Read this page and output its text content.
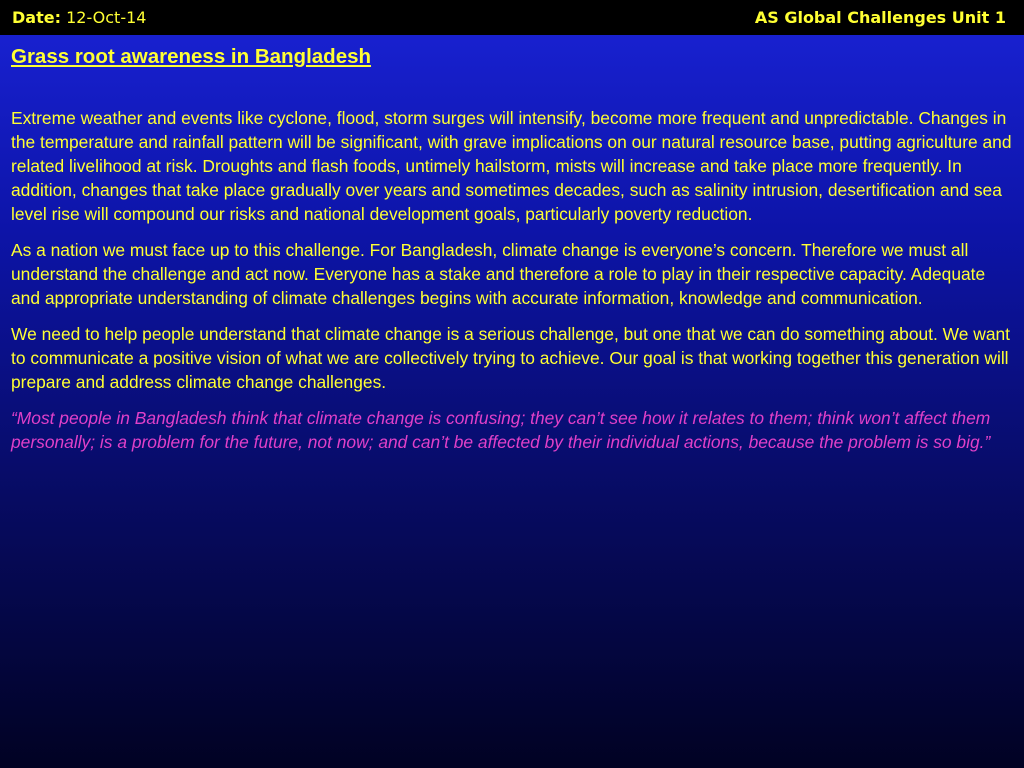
Date: 12-Oct-14	AS Global Challenges Unit 1
Grass root awareness in Bangladesh

Extreme weather and events like cyclone, flood, storm surges will intensify, become more frequent and unpredictable. Changes in the temperature and rainfall pattern will be significant, with grave implications on our natural resource base, putting agriculture and related livelihood at risk. Droughts and flash foods, untimely hailstorm, mists will increase and take place more frequently. In addition, changes that take place gradually over years and sometimes decades, such as salinity intrusion, desertification and sea level rise will compound our risks and national development goals, particularly poverty reduction.

As a nation we must face up to this challenge. For Bangladesh, climate change is everyone’s concern. Therefore we must all understand the challenge and act now. Everyone has a stake and therefore a role to play in their respective capacity. Adequate and appropriate understanding of climate challenges begins with accurate information, knowledge and communication.

We need to help people understand that climate change is a serious challenge, but one that we can do something about. We want to communicate a positive vision of what we are collectively trying to achieve. Our goal is that working together this generation will prepare and address climate change challenges.

“Most people in Bangladesh think that climate change is confusing; they can’t see how it relates to them; think won’t affect them personally; is a problem for the future, not now; and can’t be affected by their individual actions, because the problem is so big.”
